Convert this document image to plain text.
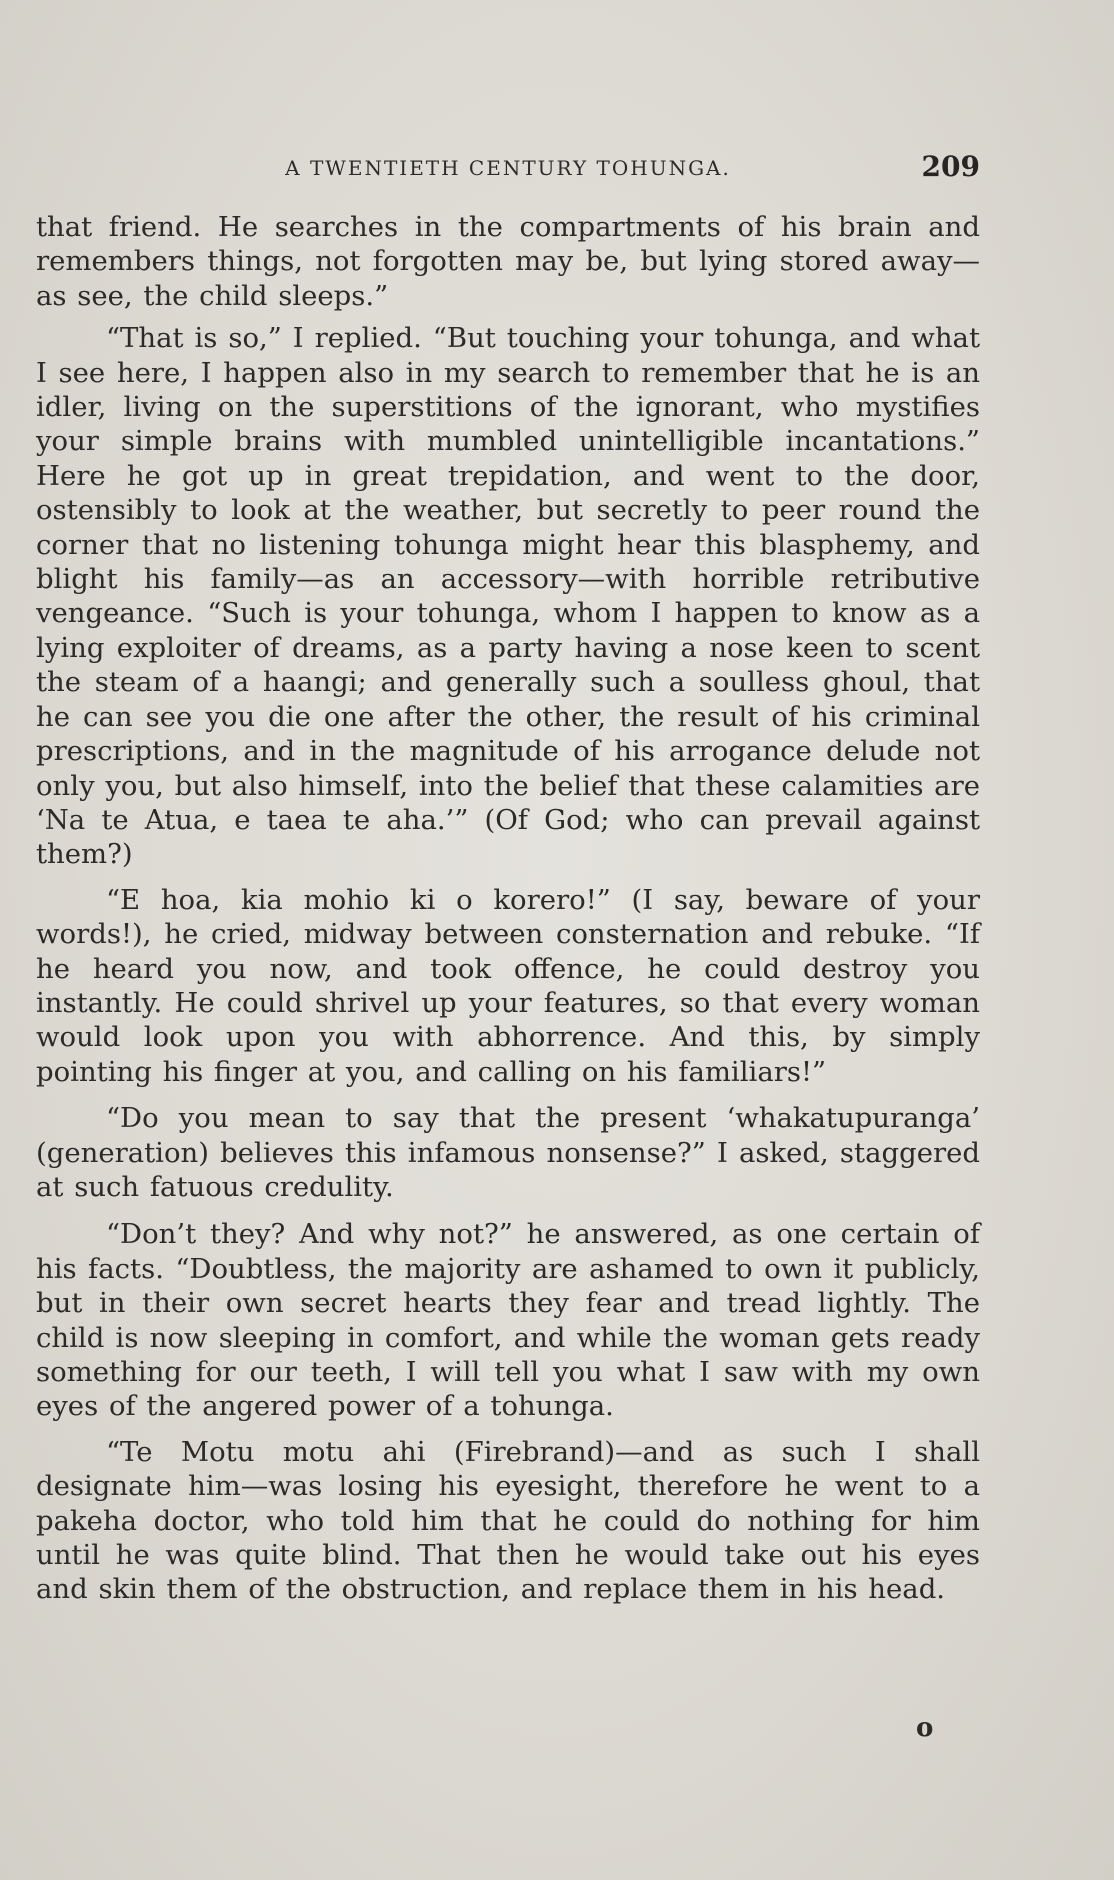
A TWENTIETH CENTURY TOHUNGA.	209

that friend. He searches in the compartments of his brain and remembers things, not forgotten may be, but lying stored away—as see, the child sleeps.”

“That is so,” I replied. “But touching your tohunga, and what I see here, I happen also in my search to remember that he is an idler, living on the superstitions of the ignorant, who mystifies your simple brains with mumbled unintelligible incantations.” Here he got up in great trepidation, and went to the door, ostensibly to look at the weather, but secretly to peer round the corner that no listening tohunga might hear this blasphemy, and blight his family—as an accessory—with horrible retributive vengeance. “Such is your tohunga, whom I happen to know as a lying exploiter of dreams, as a party having a nose keen to scent the steam of a haangi; and generally such a soulless ghoul, that he can see you die one after the other, the result of his criminal prescriptions, and in the magnitude of his arrogance delude not only you, but also himself, into the belief that these calamities are ‘Na te Atua, e taea te aha.’” (Of God; who can prevail against them?)

“E hoa, kia mohio ki o korero!” (I say, beware of your words!), he cried, midway between consternation and rebuke. “If he heard you now, and took offence, he could destroy you instantly. He could shrivel up your features, so that every woman would look upon you with abhorrence. And this, by simply pointing his finger at you, and calling on his familiars!”

“Do you mean to say that the present ‘whakatupuranga’ (generation) believes this infamous nonsense?” I asked, staggered at such fatuous credulity.

“Don’t they? And why not?” he answered, as one certain of his facts. “Doubtless, the majority are ashamed to own it publicly, but in their own secret hearts they fear and tread lightly. The child is now sleeping in comfort, and while the woman gets ready something for our teeth, I will tell you what I saw with my own eyes of the angered power of a tohunga.

“Te Motu motu ahi (Firebrand)—and as such I shall designate him—was losing his eyesight, therefore he went to a pakeha doctor, who told him that he could do nothing for him until he was quite blind. That then he would take out his eyes and skin them of the obstruction, and replace them in his head.

o
